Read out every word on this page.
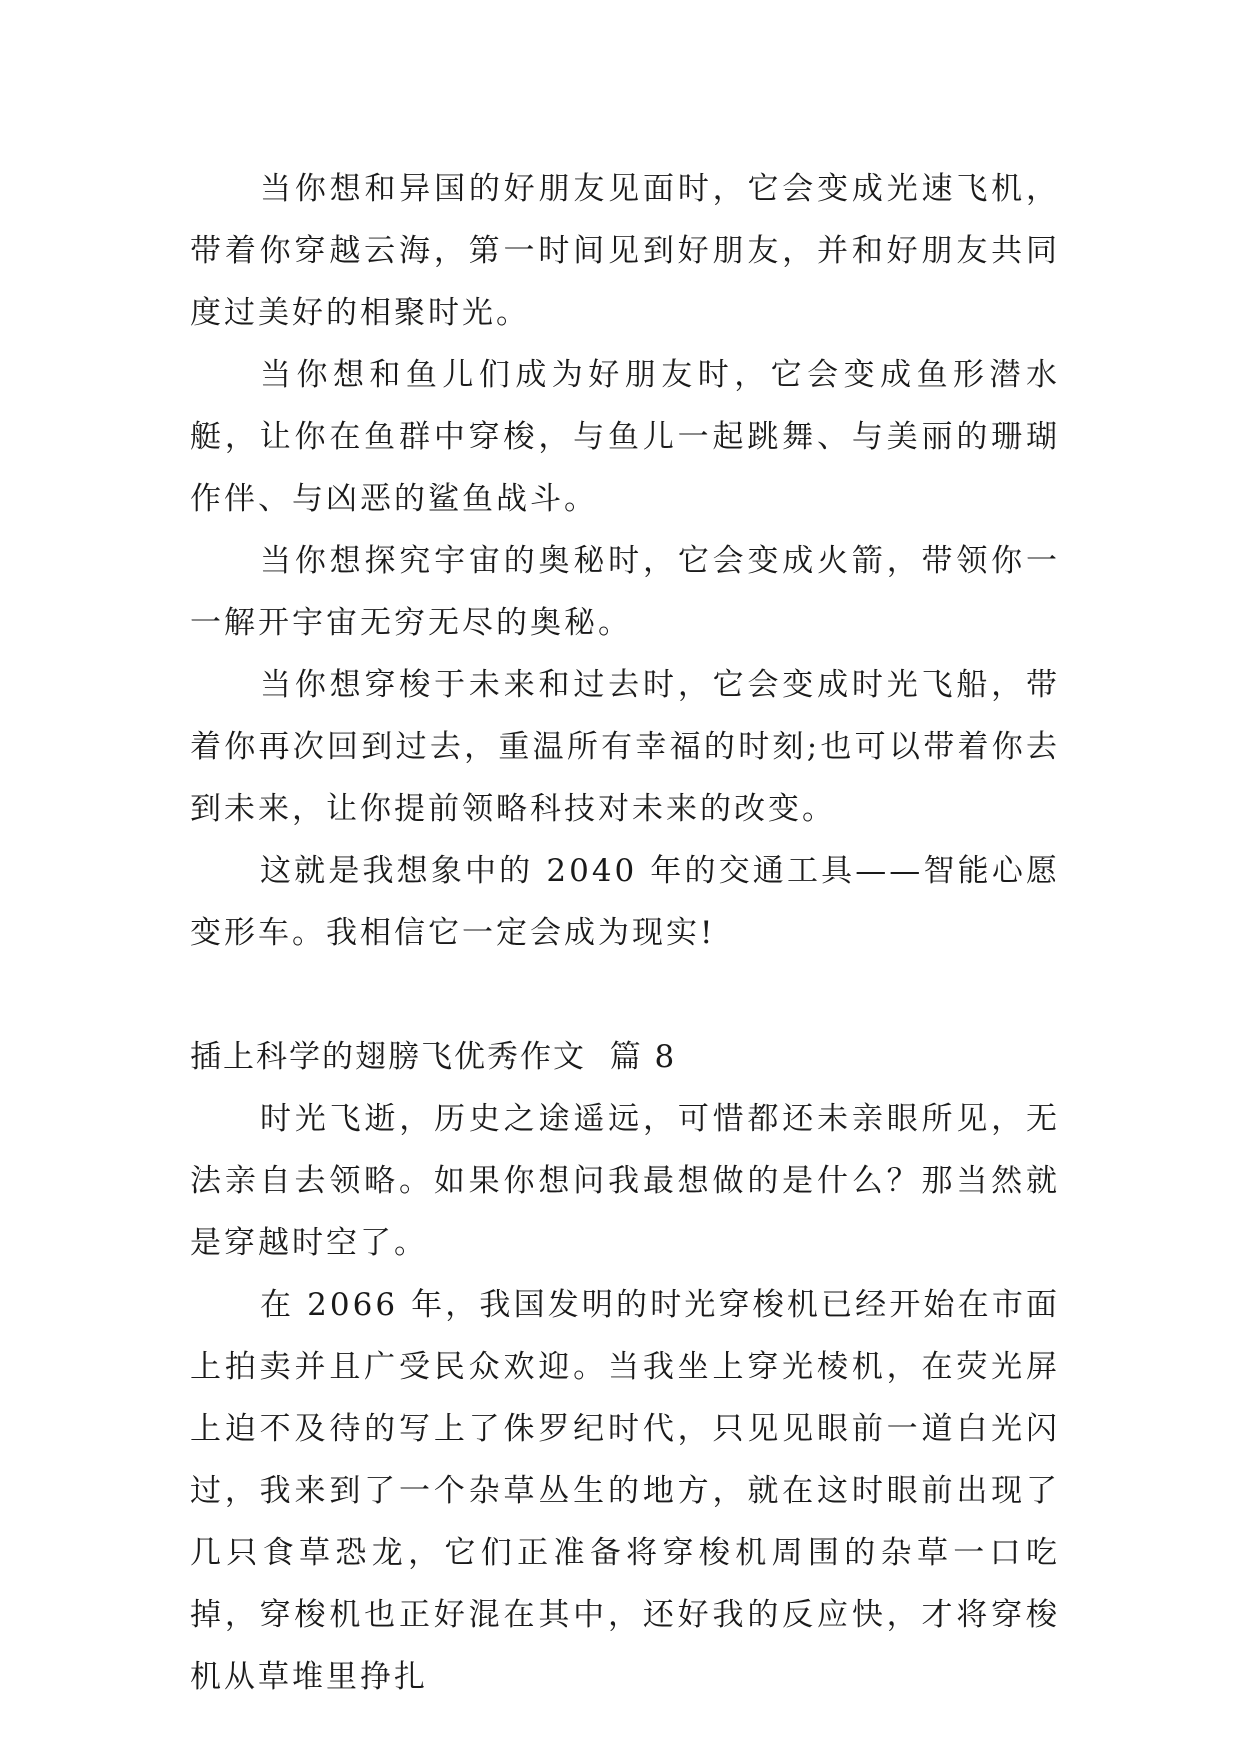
当你想和异国的好朋友见面时，它会变成光速飞机，带着你穿越云海，第一时间见到好朋友，并和好朋友共同度过美好的相聚时光。

当你想和鱼儿们成为好朋友时，它会变成鱼形潜水艇，让你在鱼群中穿梭，与鱼儿一起跳舞、与美丽的珊瑚作伴、与凶恶的鲨鱼战斗。

当你想探究宇宙的奥秘时，它会变成火箭，带领你一一解开宇宙无穷无尽的奥秘。

当你想穿梭于未来和过去时，它会变成时光飞船，带着你再次回到过去，重温所有幸福的时刻;也可以带着你去到未来，让你提前领略科技对未来的改变。

这就是我想象中的 2040 年的交通工具——智能心愿变形车。我相信它一定会成为现实!

插上科学的翅膀飞优秀作文  篇 8

时光飞逝，历史之途遥远，可惜都还未亲眼所见，无法亲自去领略。如果你想问我最想做的是什么？那当然就是穿越时空了。

在 2066 年，我国发明的时光穿梭机已经开始在市面上拍卖并且广受民众欢迎。当我坐上穿光棱机，在荧光屏上迫不及待的写上了侏罗纪时代，只见见眼前一道白光闪过，我来到了一个杂草丛生的地方，就在这时眼前出现了几只食草恐龙，它们正准备将穿梭机周围的杂草一口吃掉，穿梭机也正好混在其中，还好我的反应快，才将穿梭机从草堆里挣扎
